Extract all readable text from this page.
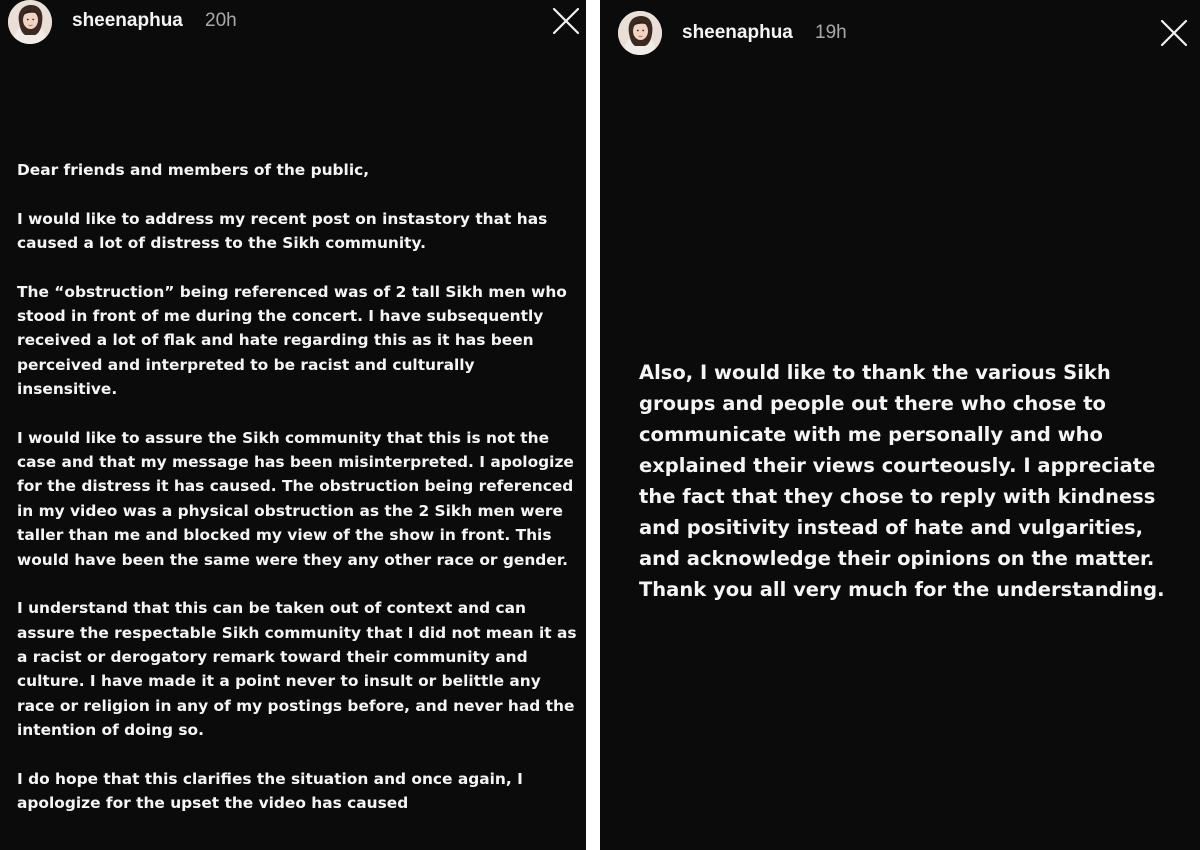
sheenaphua 20h
Dear friends and members of the public,

I would like to address my recent post on instastory that has caused a lot of distress to the Sikh community.

The “obstruction” being referenced was of 2 tall Sikh men who stood in front of me during the concert. I have subsequently received a lot of flak and hate regarding this as it has been perceived and interpreted to be racist and culturally insensitive.

I would like to assure the Sikh community that this is not the case and that my message has been misinterpreted. I apologize for the distress it has caused. The obstruction being referenced in my video was a physical obstruction as the 2 Sikh men were taller than me and blocked my view of the show in front. This would have been the same were they any other race or gender.

I understand that this can be taken out of context and can assure the respectable Sikh community that I did not mean it as a racist or derogatory remark toward their community and culture. I have made it a point never to insult or belittle any race or religion in any of my postings before, and never had the intention of doing so.

I do hope that this clarifies the situation and once again, I apologize for the upset the video has caused
sheenaphua 19h
Also, I would like to thank the various Sikh groups and people out there who chose to communicate with me personally and who explained their views courteously. I appreciate the fact that they chose to reply with kindness and positivity instead of hate and vulgarities, and acknowledge their opinions on the matter. Thank you all very much for the understanding.
